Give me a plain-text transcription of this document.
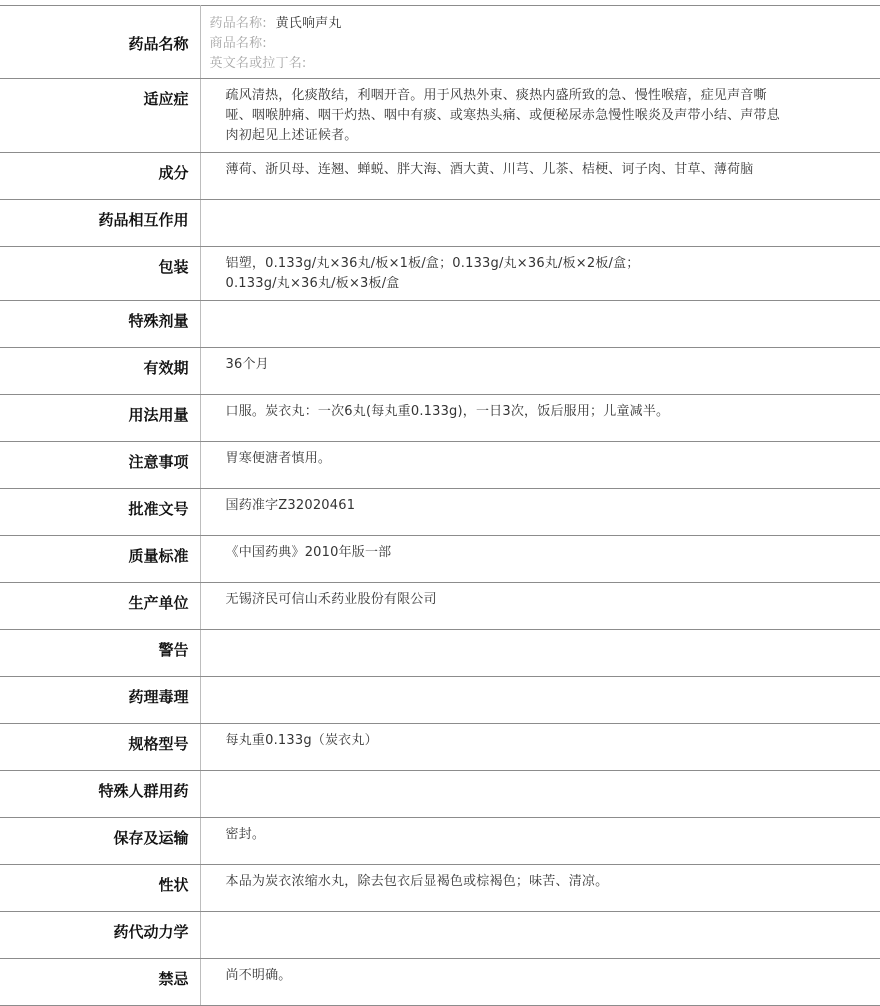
药品名称	药品名称: 黄氏响声丸
商品名称:
英文名或拉丁名:

适应症	疏风清热，化痰散结，利咽开音。用于风热外束、痰热内盛所致的急、慢性喉瘖，症见声音嘶哑、咽喉肿痛、咽干灼热、咽中有痰、或寒热头痛、或便秘尿赤急慢性喉炎及声带小结、声带息肉初起见上述证候者。
成分	薄荷、浙贝母、连翘、蝉蜕、胖大海、酒大黄、川芎、儿茶、桔梗、诃子肉、甘草、薄荷脑
药品相互作用	
包装	铝塑，0.133g/丸×36丸/板×1板/盒；0.133g/丸×36丸/板×2板/盒；0.133g/丸×36丸/板×3板/盒
特殊剂量	
有效期	36个月
用法用量	口服。炭衣丸：一次6丸(每丸重0.133g)，一日3次，饭后服用；儿童减半。
注意事项	胃寒便溏者慎用。
批准文号	国药准字Z32020461
质量标准	《中国药典》2010年版一部
生产单位	无锡济民可信山禾药业股份有限公司
警告	
药理毒理	
规格型号	每丸重0.133g（炭衣丸）
特殊人群用药	
保存及运输	密封。
性状	本品为炭衣浓缩水丸，除去包衣后显褐色或棕褐色；味苦、清凉。
药代动力学	
禁忌	尚不明确。
